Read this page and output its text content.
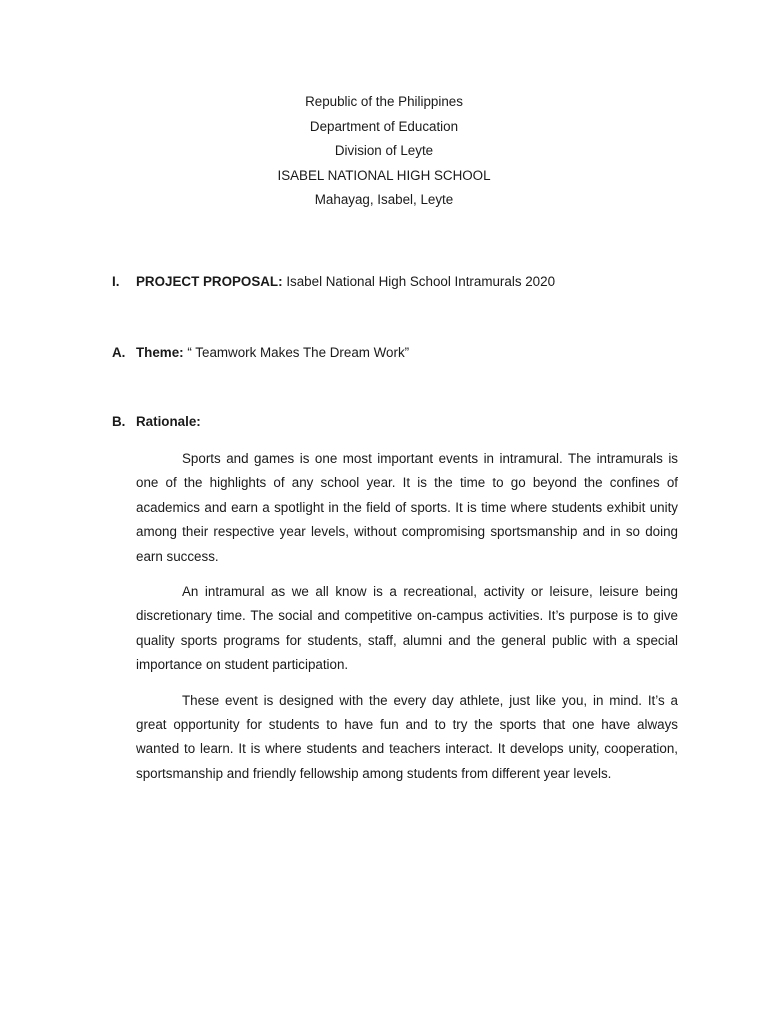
Republic of the Philippines
Department of Education
Division of Leyte
ISABEL NATIONAL HIGH SCHOOL
Mahayag, Isabel, Leyte
I. PROJECT PROPOSAL: Isabel National High School Intramurals 2020
A. Theme: “ Teamwork Makes The Dream Work”
B. Rationale:

Sports and games is one most important events in intramural. The intramurals is one of the highlights of any school year. It is the time to go beyond the confines of academics and earn a spotlight in the field of sports. It is time where students exhibit unity among their respective year levels, without compromising sportsmanship and in so doing earn success.

An intramural as we all know is a recreational, activity or leisure, leisure being discretionary time. The social and competitive on-campus activities. It’s purpose is to give quality sports programs for students, staff, alumni and the general public with a special importance on student participation.

These event is designed with the every day athlete, just like you, in mind. It’s a great opportunity for students to have fun and to try the sports that one have always wanted to learn. It is where students and teachers interact. It develops unity, cooperation, sportsmanship and friendly fellowship among students from different year levels.
